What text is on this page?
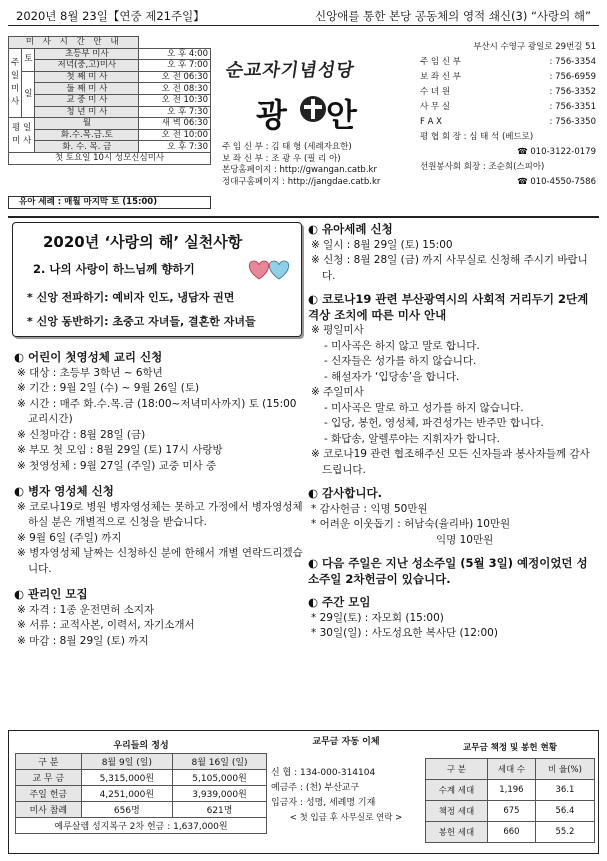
2020년 8월 23일【연중 제21주일】	신앙애를 통한 본당 공동체의 영적 쇄신(3) “사랑의 해”
미 사 시 간 안 내			
주 일 미 사	토	초등부 미사	오 후 4:00
		저녁(중,고)미사	오 후 7:00
	일	첫 째 미 사	오 전 06:30
		둘 째 미 사	오 전 08:30
		교 중 미 사	오 전 10:30
		청 년 미 사	오 후 7:30
평 일 미 사		월	새 벽 06:30
		화.수.목.금.토	오 전 10:00
		화. 수. 목. 금	오 후 7:30
첫 토요일 10시 성모신심미사			
유아 세례 : 매월 마지막 토 (15:00)
순교자기념성당
광 안
주 임 신 부 : 김 태 형 (세례자요한)
보 좌 신 부 : 조 광 우 (필 리 아)
본당홈페이지 : http://gwangan.catb.kr
정대구홈페이지 : http://jangdae.catb.kr
부산시 수영구 광일로 29번길 51
주 임 신 부	: 756-3354
보 좌 신 부	: 756-6959
수 녀 원	: 756-3352
사 무 실	: 756-3351
F A X	: 756-3350
평 협 회 장 : 심 태 석 (베드로)
☎ 010-3122-0179
선원봉사회 회장 : 조순희(스피아)
☎ 010-4550-7586
2020년 ‘사랑의 해’ 실천사항
2. 나의 사랑이 하느님께 향하기
* 신앙 전파하기: 예비자 인도, 냉담자 권면
* 신앙 동반하기: 초중고 자녀들, 결혼한 자녀들
◐ 어린이 첫영성체 교리 신청
※ 대상 : 초등부 3학년 ~ 6학년
※ 기간 : 9월 2일 (수) ~ 9월 26일 (토)
※ 시간 : 매주 화.수.목.금 (18:00~저녁미사까지) 토 (15:00 교리시간)
※ 신청마감 : 8월 28일 (금)
※ 부모 첫 모임 : 8월 29일 (토) 17시 사랑방
※ 첫영성체 : 9월 27일 (주일) 교중 미사 중
◐ 병자 영성체 신청
※ 코로나19로 병원 병자영성체는 못하고 가정에서 병자영성체 하실 분은 개별적으로 신청을 받습니다.
※ 9월 6일 (주일) 까지
※ 병자영성체 날짜는 신청하신 분에 한해서 개별 연락드리겠습니다.
◐ 관리인 모집
※ 자격 : 1종 운전면허 소지자
※ 서류 : 교적사본, 이력서, 자기소개서
※ 마감 : 8월 29일 (토) 까지
◐ 유아세례 신청
※ 일시 : 8월 29일 (토) 15:00
※ 신청 : 8월 28일 (금) 까지 사무실로 신청해 주시기 바랍니다.
◐ 코로나19 관련 부산광역시의 사회적 거리두기 2단계 격상 조치에 따른 미사 안내
※ 평일미사
- 미사곡은 하지 않고 말로 합니다.
- 신자들은 성가를 하지 않습니다.
- 해설자가 ‘입당송’을 합니다.
※ 주일미사
- 미사곡은 말로 하고 성가를 하지 않습니다.
- 입당, 봉헌, 영성체, 파견성가는 반주만 합니다.
- 화답송, 알렐루야는 지휘자가 합니다.
※ 코로나19 관련 협조해주신 모든 신자들과 봉사자들께 감사드립니다.
◐ 감사합니다.
* 감사헌금 : 익명 50만원
* 어려운 이웃돕기 : 허남숙(율리바) 10만원
익명 10만원
◐ 다음 주일은 지난 성소주일 (5월 3일) 예정이었던 성소주일 2차헌금이 있습니다.
◐ 주간 모임
* 29일(토) : 자모회 (15:00)
* 30일(일) : 사도성요한 복사단 (12:00)
우리들의 정성		
구 분	8월 9일 (일)	8월 16일 (일)
교 무 금	5,315,000원	5,105,000원
주일 헌금	4,251,000원	3,939,000원
미사 참례	656명	621명
예루살렘 성지복구 2차 헌금 : 1,637,000원		
교무금 자동 이체
신 협 : 134-000-314104
예금주 : (천) 부산교구
입금자 : 성명, 세례명 기재
< 첫 입금 후 사무실로 연락 >
교무금 책정 및 봉헌 현황		
구 분	세대 수	비 율(%)
수계 세대	1,196	36.1
책정 세대	675	56.4
봉헌 세대	660	55.2
